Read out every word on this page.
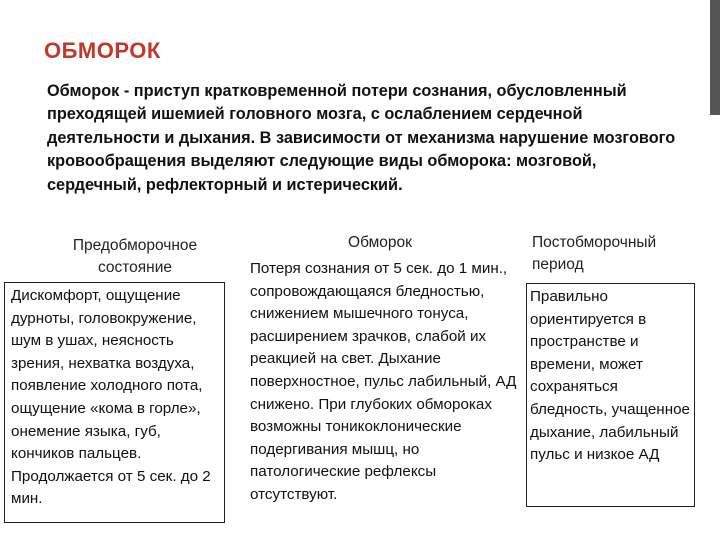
ОБМОРОК

Обморок - приступ кратковременной потери сознания, обусловленный преходящей ишемией головного мозга, с ослаблением сердечной деятельности и дыхания. В зависимости от механизма нарушение мозгового кровообращения выделяют следующие виды обморока: мозговой, сердечный, рефлекторный и истерический.

Предобморочное состояние

Дискомфорт, ощущение дурноты, головокружение, шум в ушах, неясность зрения, нехватка воздуха, появление холодного пота, ощущение «кома в горле», онемение языка, губ, кончиков пальцев. Продолжается от 5 сек. до 2 мин.

Обморок

Потеря сознания от 5 сек. до 1 мин., сопровождающаяся бледностью, снижением мышечного тонуса, расширением зрачков, слабой их реакцией на свет. Дыхание поверхностное, пульс лабильный, АД снижено. При глубоких обмороках возможны тоникоклонические подергивания мышц, но патологические рефлексы отсутствуют.

Постобморочный период

Правильно ориентируется в пространстве и времени, может сохраняться бледность, учащенное дыхание, лабильный пульс и низкое АД
